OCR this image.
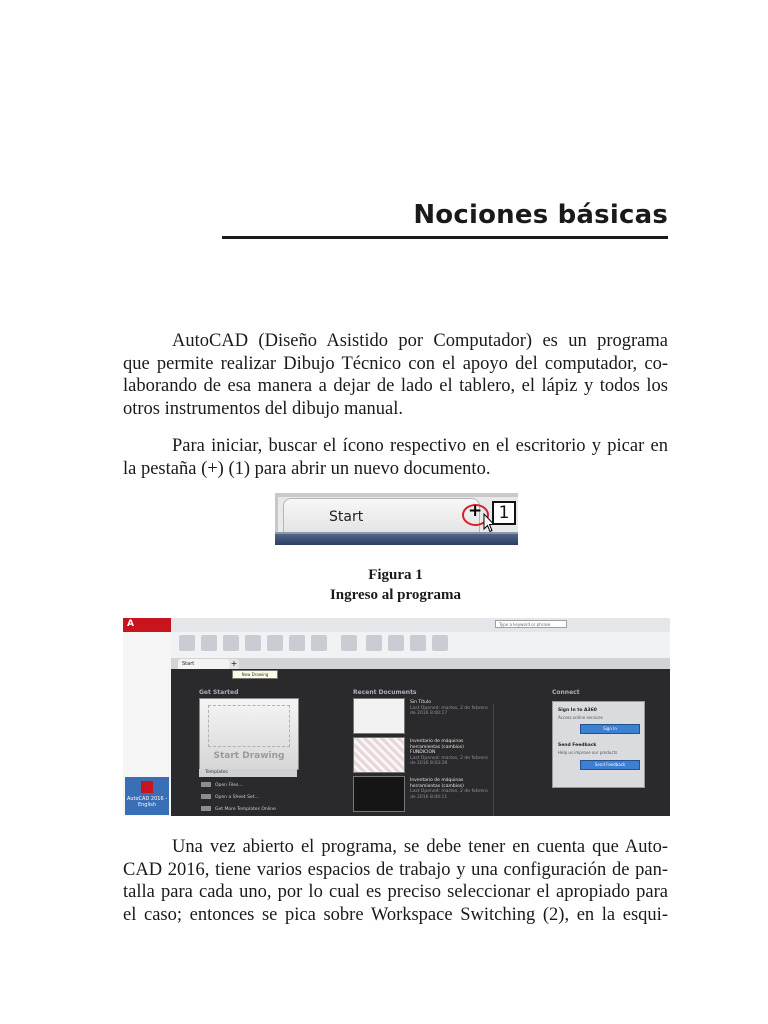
Nociones básicas

AutoCAD (Diseño Asistido por Computador) es un programa
que permite realizar Dibujo Técnico con el apoyo del computador, co-
laborando de esa manera a dejar de lado el tablero, el lápiz y todos los
otros instrumentos del dibujo manual.

Para iniciar, buscar el ícono respectivo en el escritorio y picar en
la pestaña (+) (1) para abrir un nuevo documento.

Start	+ 1

Figura 1

Ingreso al programa

A
Type a keyword or phrase
Start	+
New Drawing
Get Started
Start Drawing
Templates
Open Files...
Open a Sheet Set...
Get More Templates Online
Recent Documents
Sin Título
Last Opened: martes, 2 de febrero de 2016 8:00:17
Inventario de máquinas herramientas (cambios) FUNDICION
Last Opened: martes, 2 de febrero de 2016 8:03:28
Inventario de máquinas herramientas (cambios)
Last Opened: martes, 2 de febrero de 2016 8:04:11
Connect
Sign In to A360
Access online services
Sign In
Send Feedback
Help us improve our products
Send Feedback
AutoCAD 2016 - English

Una vez abierto el programa, se debe tener en cuenta que Auto-
CAD 2016, tiene varios espacios de trabajo y una configuración de pan-
talla para cada uno, por lo cual es preciso seleccionar el apropiado para
el caso; entonces se pica sobre Workspace Switching (2), en la esqui-
